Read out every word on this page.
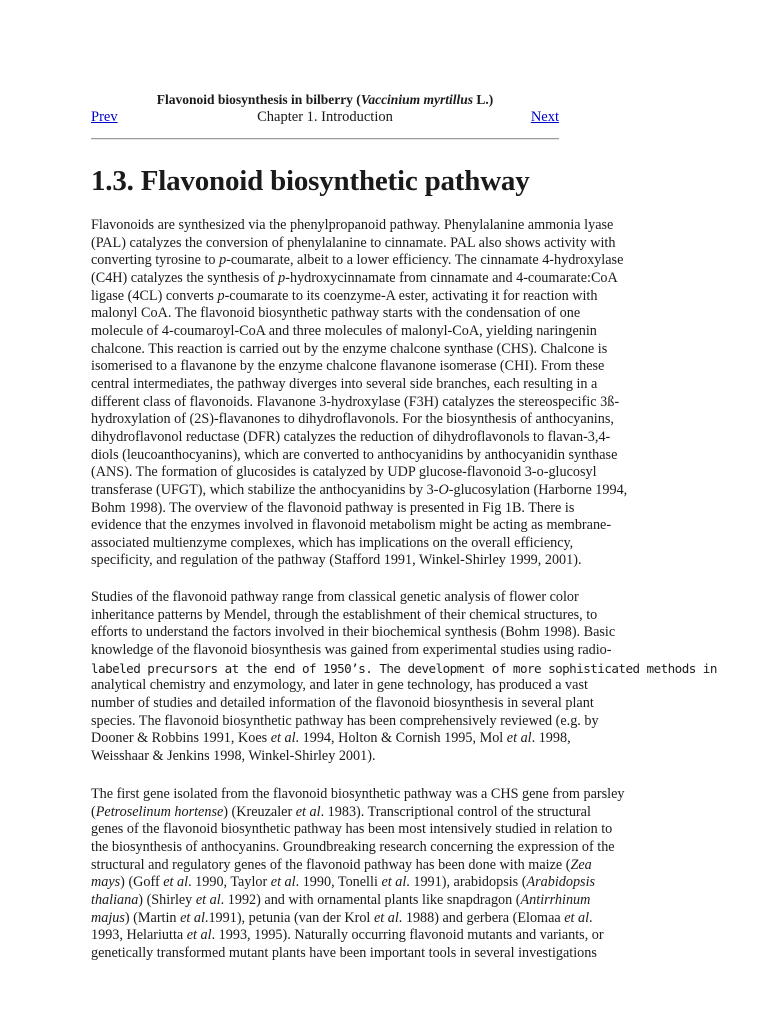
Flavonoid biosynthesis in bilberry (Vaccinium myrtillus L.)
Chapter 1. Introduction
Prev	Next
1.3. Flavonoid biosynthetic pathway
Flavonoids are synthesized via the phenylpropanoid pathway. Phenylalanine ammonia lyase
(PAL) catalyzes the conversion of phenylalanine to cinnamate. PAL also shows activity with
converting tyrosine to p-coumarate, albeit to a lower efficiency. The cinnamate 4-hydroxylase
(C4H) catalyzes the synthesis of p-hydroxycinnamate from cinnamate and 4-coumarate:CoA
ligase (4CL) converts p-coumarate to its coenzyme-A ester, activating it for reaction with
malonyl CoA. The flavonoid biosynthetic pathway starts with the condensation of one
molecule of 4-coumaroyl-CoA and three molecules of malonyl-CoA, yielding naringenin
chalcone. This reaction is carried out by the enzyme chalcone synthase (CHS). Chalcone is
isomerised to a flavanone by the enzyme chalcone flavanone isomerase (CHI). From these
central intermediates, the pathway diverges into several side branches, each resulting in a
different class of flavonoids. Flavanone 3-hydroxylase (F3H) catalyzes the stereospecific 3ß-
hydroxylation of (2S)-flavanones to dihydroflavonols. For the biosynthesis of anthocyanins,
dihydroflavonol reductase (DFR) catalyzes the reduction of dihydroflavonols to flavan-3,4-
diols (leucoanthocyanins), which are converted to anthocyanidins by anthocyanidin synthase
(ANS). The formation of glucosides is catalyzed by UDP glucose-flavonoid 3-o-glucosyl
transferase (UFGT), which stabilize the anthocyanidins by 3-O-glucosylation (Harborne 1994,
Bohm 1998). The overview of the flavonoid pathway is presented in Fig 1B. There is
evidence that the enzymes involved in flavonoid metabolism might be acting as membrane-
associated multienzyme complexes, which has implications on the overall efficiency,
specificity, and regulation of the pathway (Stafford 1991, Winkel-Shirley 1999, 2001).
Studies of the flavonoid pathway range from classical genetic analysis of flower color
inheritance patterns by Mendel, through the establishment of their chemical structures, to
efforts to understand the factors involved in their biochemical synthesis (Bohm 1998). Basic
knowledge of the flavonoid biosynthesis was gained from experimental studies using radio-
labeled precursors at the end of 1950’s. The development of more sophisticated methods in
analytical chemistry and enzymology, and later in gene technology, has produced a vast
number of studies and detailed information of the flavonoid biosynthesis in several plant
species. The flavonoid biosynthetic pathway has been comprehensively reviewed (e.g. by
Dooner & Robbins 1991, Koes et al. 1994, Holton & Cornish 1995, Mol et al. 1998,
Weisshaar & Jenkins 1998, Winkel-Shirley 2001).
The first gene isolated from the flavonoid biosynthetic pathway was a CHS gene from parsley
(Petroselinum hortense) (Kreuzaler et al. 1983). Transcriptional control of the structural
genes of the flavonoid biosynthetic pathway has been most intensively studied in relation to
the biosynthesis of anthocyanins. Groundbreaking research concerning the expression of the
structural and regulatory genes of the flavonoid pathway has been done with maize (Zea
mays) (Goff et al. 1990, Taylor et al. 1990, Tonelli et al. 1991), arabidopsis (Arabidopsis
thaliana) (Shirley et al. 1992) and with ornamental plants like snapdragon (Antirrhinum
majus) (Martin et al.1991), petunia (van der Krol et al. 1988) and gerbera (Elomaa et al.
1993, Helariutta et al. 1993, 1995). Naturally occurring flavonoid mutants and variants, or
genetically transformed mutant plants have been important tools in several investigations
